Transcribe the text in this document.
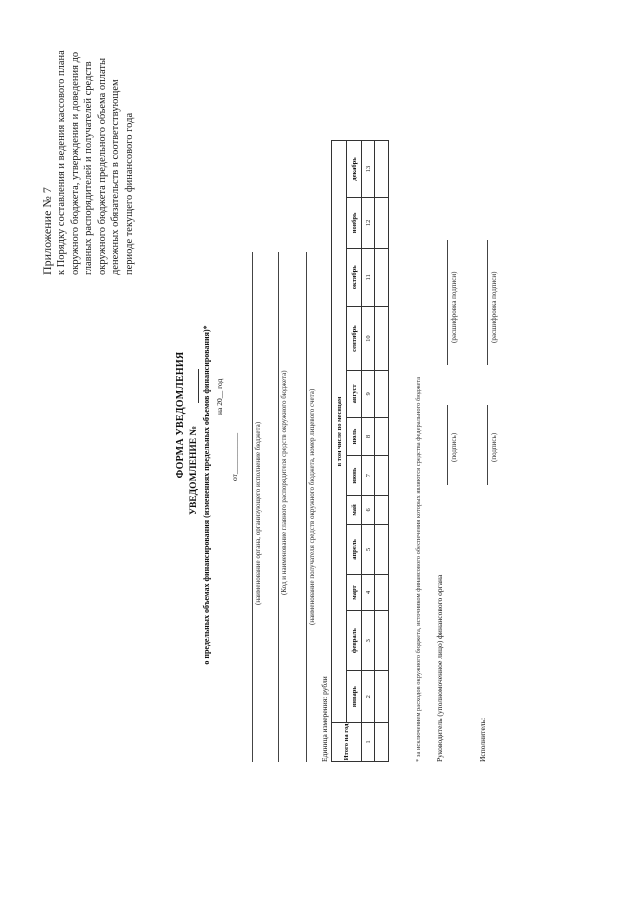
Приложение № 7 к Порядку составления и ведения кассового плана окружного бюджета, утверждения и доведения до главных распорядителей и получателей средств окружного бюджета предельного объема оплаты денежных обязательств в соответствующем периоде текущего финансового года
ФОРМА УВЕДОМЛЕНИЯ УВЕДОМЛЕНИЕ № о предельных объемах финансирования (изменениях предельных объемов финансирования)* на 20__ год
от___________ (наименование органа, организующего исполнение бюджета)	(Код и наименование главного распорядителя средств окружного бюджета)	(наименование получателя средств окружного бюджета, номер лицевого счета)
Единица измерения: рубли Итого на год	в том числе по месяцам											
	январь	февраль	март	апрель	май	июнь	июль	август	сентябрь	октябрь	ноябрь	декабрь
1	2	3	4	5	6	7	8	9	10	11	12	13

* за исключением расходов окружного бюджета, источником финансового обеспечения которых являются средства федерального бюджета Руководитель (уполномоченное лицо) финансового органа
(подпись)
(расшифровка подписи)
Исполнитель:
(подпись)
(расшифровка подписи)
